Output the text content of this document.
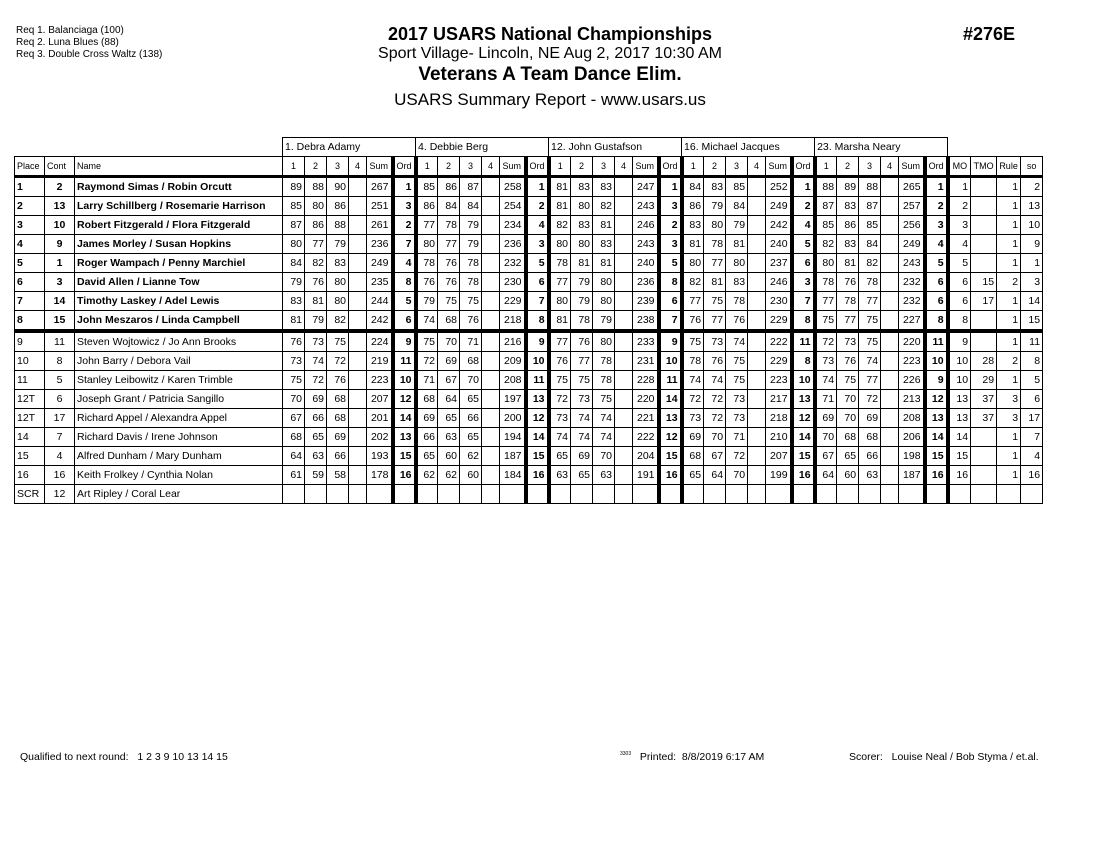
Req 1. Balanciaga (100)
Req 2. Luna Blues (88)
Req 3. Double Cross Waltz (138)
2017 USARS National Championships
Sport Village- Lincoln, NE Aug 2, 2017 10:30 AM
Veterans A Team Dance Elim.
USARS Summary Report - www.usars.us
#276E
			1. Debra Adamy						4. Debbie Berg						12. John Gustafson						16. Michael Jacques						23. Marsha Neary									
Place	Cont	Name	1	2	3	4	Sum	Ord	1	2	3	4	Sum	Ord	1	2	3	4	Sum	Ord	1	2	3	4	Sum	Ord	1	2	3	4	Sum	Ord	MO	TMO	Rule	so
1	2	Raymond Simas / Robin Orcutt	89	88	90		267	1	85	86	87		258	1	81	83	83		247	1	84	83	85		252	1	88	89	88		265	1	1		1	2
2	13	Larry Schillberg / Rosemarie Harrison	85	80	86		251	3	86	84	84		254	2	81	80	82		243	3	86	79	84		249	2	87	83	87		257	2	2		1	13
3	10	Robert Fitzgerald / Flora Fitzgerald	87	86	88		261	2	77	78	79		234	4	82	83	81		246	2	83	80	79		242	4	85	86	85		256	3	3		1	10
4	9	James Morley / Susan Hopkins	80	77	79		236	7	80	77	79		236	3	80	80	83		243	3	81	78	81		240	5	82	83	84		249	4	4		1	9
5	1	Roger Wampach / Penny Marchiel	84	82	83		249	4	78	76	78		232	5	78	81	81		240	5	80	77	80		237	6	80	81	82		243	5	5		1	1
6	3	David Allen / Lianne Tow	79	76	80		235	8	76	76	78		230	6	77	79	80		236	8	82	81	83		246	3	78	76	78		232	6	6	15	2	3
7	14	Timothy Laskey / Adel Lewis	83	81	80		244	5	79	75	75		229	7	80	79	80		239	6	77	75	78		230	7	77	78	77		232	6	6	17	1	14
8	15	John Meszaros / Linda Campbell	81	79	82		242	6	74	68	76		218	8	81	78	79		238	7	76	77	76		229	8	75	77	75		227	8	8		1	15
9	11	Steven Wojtowicz / Jo Ann Brooks	76	73	75		224	9	75	70	71		216	9	77	76	80		233	9	75	73	74		222	11	72	73	75		220	11	9		1	11
10	8	John Barry / Debora Vail	73	74	72		219	11	72	69	68		209	10	76	77	78		231	10	78	76	75		229	8	73	76	74		223	10	10	28	2	8
11	5	Stanley Leibowitz / Karen Trimble	75	72	76		223	10	71	67	70		208	11	75	75	78		228	11	74	74	75		223	10	74	75	77		226	9	10	29	1	5
12T	6	Joseph Grant / Patricia Sangillo	70	69	68		207	12	68	64	65		197	13	72	73	75		220	14	72	72	73		217	13	71	70	72		213	12	13	37	3	6
12T	17	Richard Appel / Alexandra Appel	67	66	68		201	14	69	65	66		200	12	73	74	74		221	13	73	72	73		218	12	69	70	69		208	13	13	37	3	17
14	7	Richard Davis / Irene Johnson	68	65	69		202	13	66	63	65		194	14	74	74	74		222	12	69	70	71		210	14	70	68	68		206	14	14		1	7
15	4	Alfred Dunham / Mary Dunham	64	63	66		193	15	65	60	62		187	15	65	69	70		204	15	68	67	72		207	15	67	65	66		198	15	15		1	4
16	16	Keith Frolkey / Cynthia Nolan	61	59	58		178	16	62	62	60		184	16	63	65	63		191	16	65	64	70		199	16	64	60	63		187	16	16		1	16
SCR	12	Art Ripley / Coral Lear																																		
Qualified to next round: 1 2 3 9 10 13 14 15	$^{3303}$ Printed: 8/8/2019 6:17 AM	Scorer: Louise Neal / Bob Styma / et.al.
